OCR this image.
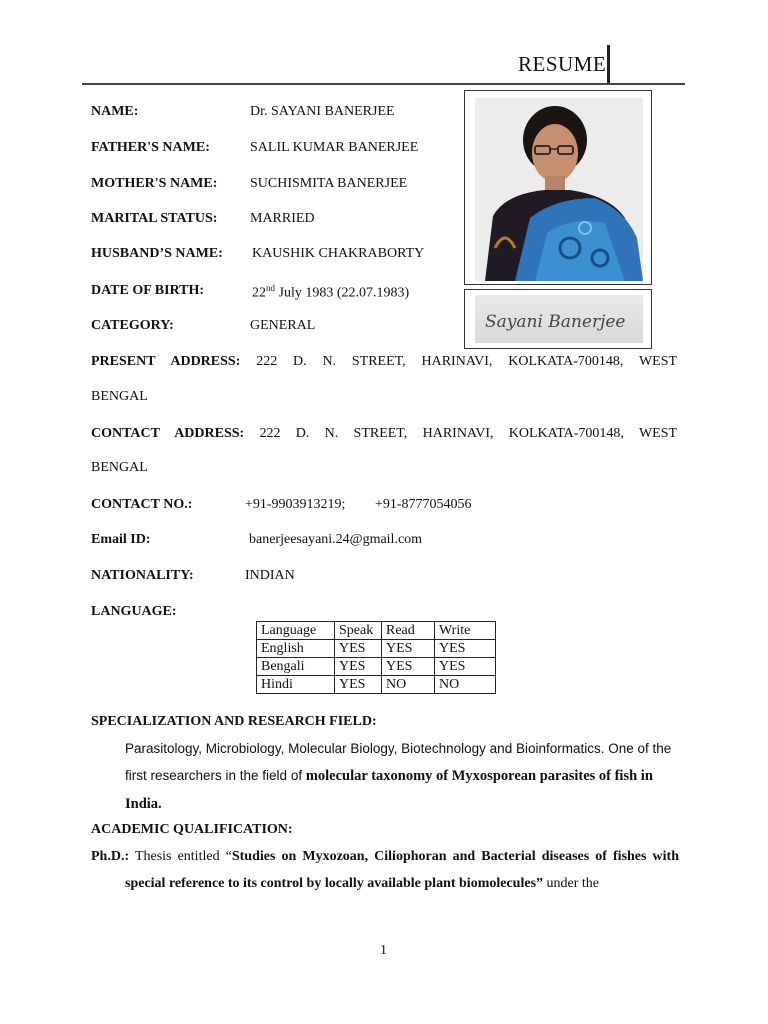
RESUME
NAME:	Dr. SAYANI BANERJEE
FATHER'S NAME:	SALIL KUMAR BANERJEE
MOTHER'S NAME: SUCHISMITA BANERJEE
MARITAL STATUS: MARRIED
HUSBAND’S NAME: KAUSHIK CHAKRABORTY
DATE OF BIRTH:	22nd July 1983 (22.07.1983)
CATEGORY:	GENERAL
PRESENT ADDRESS: 222 D. N. STREET, HARINAVI, KOLKATA-700148, WEST
BENGAL
CONTACT ADDRESS: 222 D. N. STREET, HARINAVI, KOLKATA-700148, WEST
BENGAL
CONTACT NO.:	+91-9903913219; +91-8777054056
Email ID:	banerjeesayani.24@gmail.com
NATIONALITY:	INDIAN
LANGUAGE:
Sayani Banerjee
Language	Speak	Read	Write
English	YES	YES	YES
Bengali	YES	YES	YES
Hindi	YES	NO	NO
SPECIALIZATION AND RESEARCH FIELD:
Parasitology, Microbiology, Molecular Biology, Biotechnology and Bioinformatics. One of the first researchers in the field of molecular taxonomy of Myxosporean parasites of fish in India.
ACADEMIC QUALIFICATION:
Ph.D.: Thesis entitled “Studies on Myxozoan, Ciliophoran and Bacterial diseases of fishes with special reference to its control by locally available plant biomolecules” under the
1
